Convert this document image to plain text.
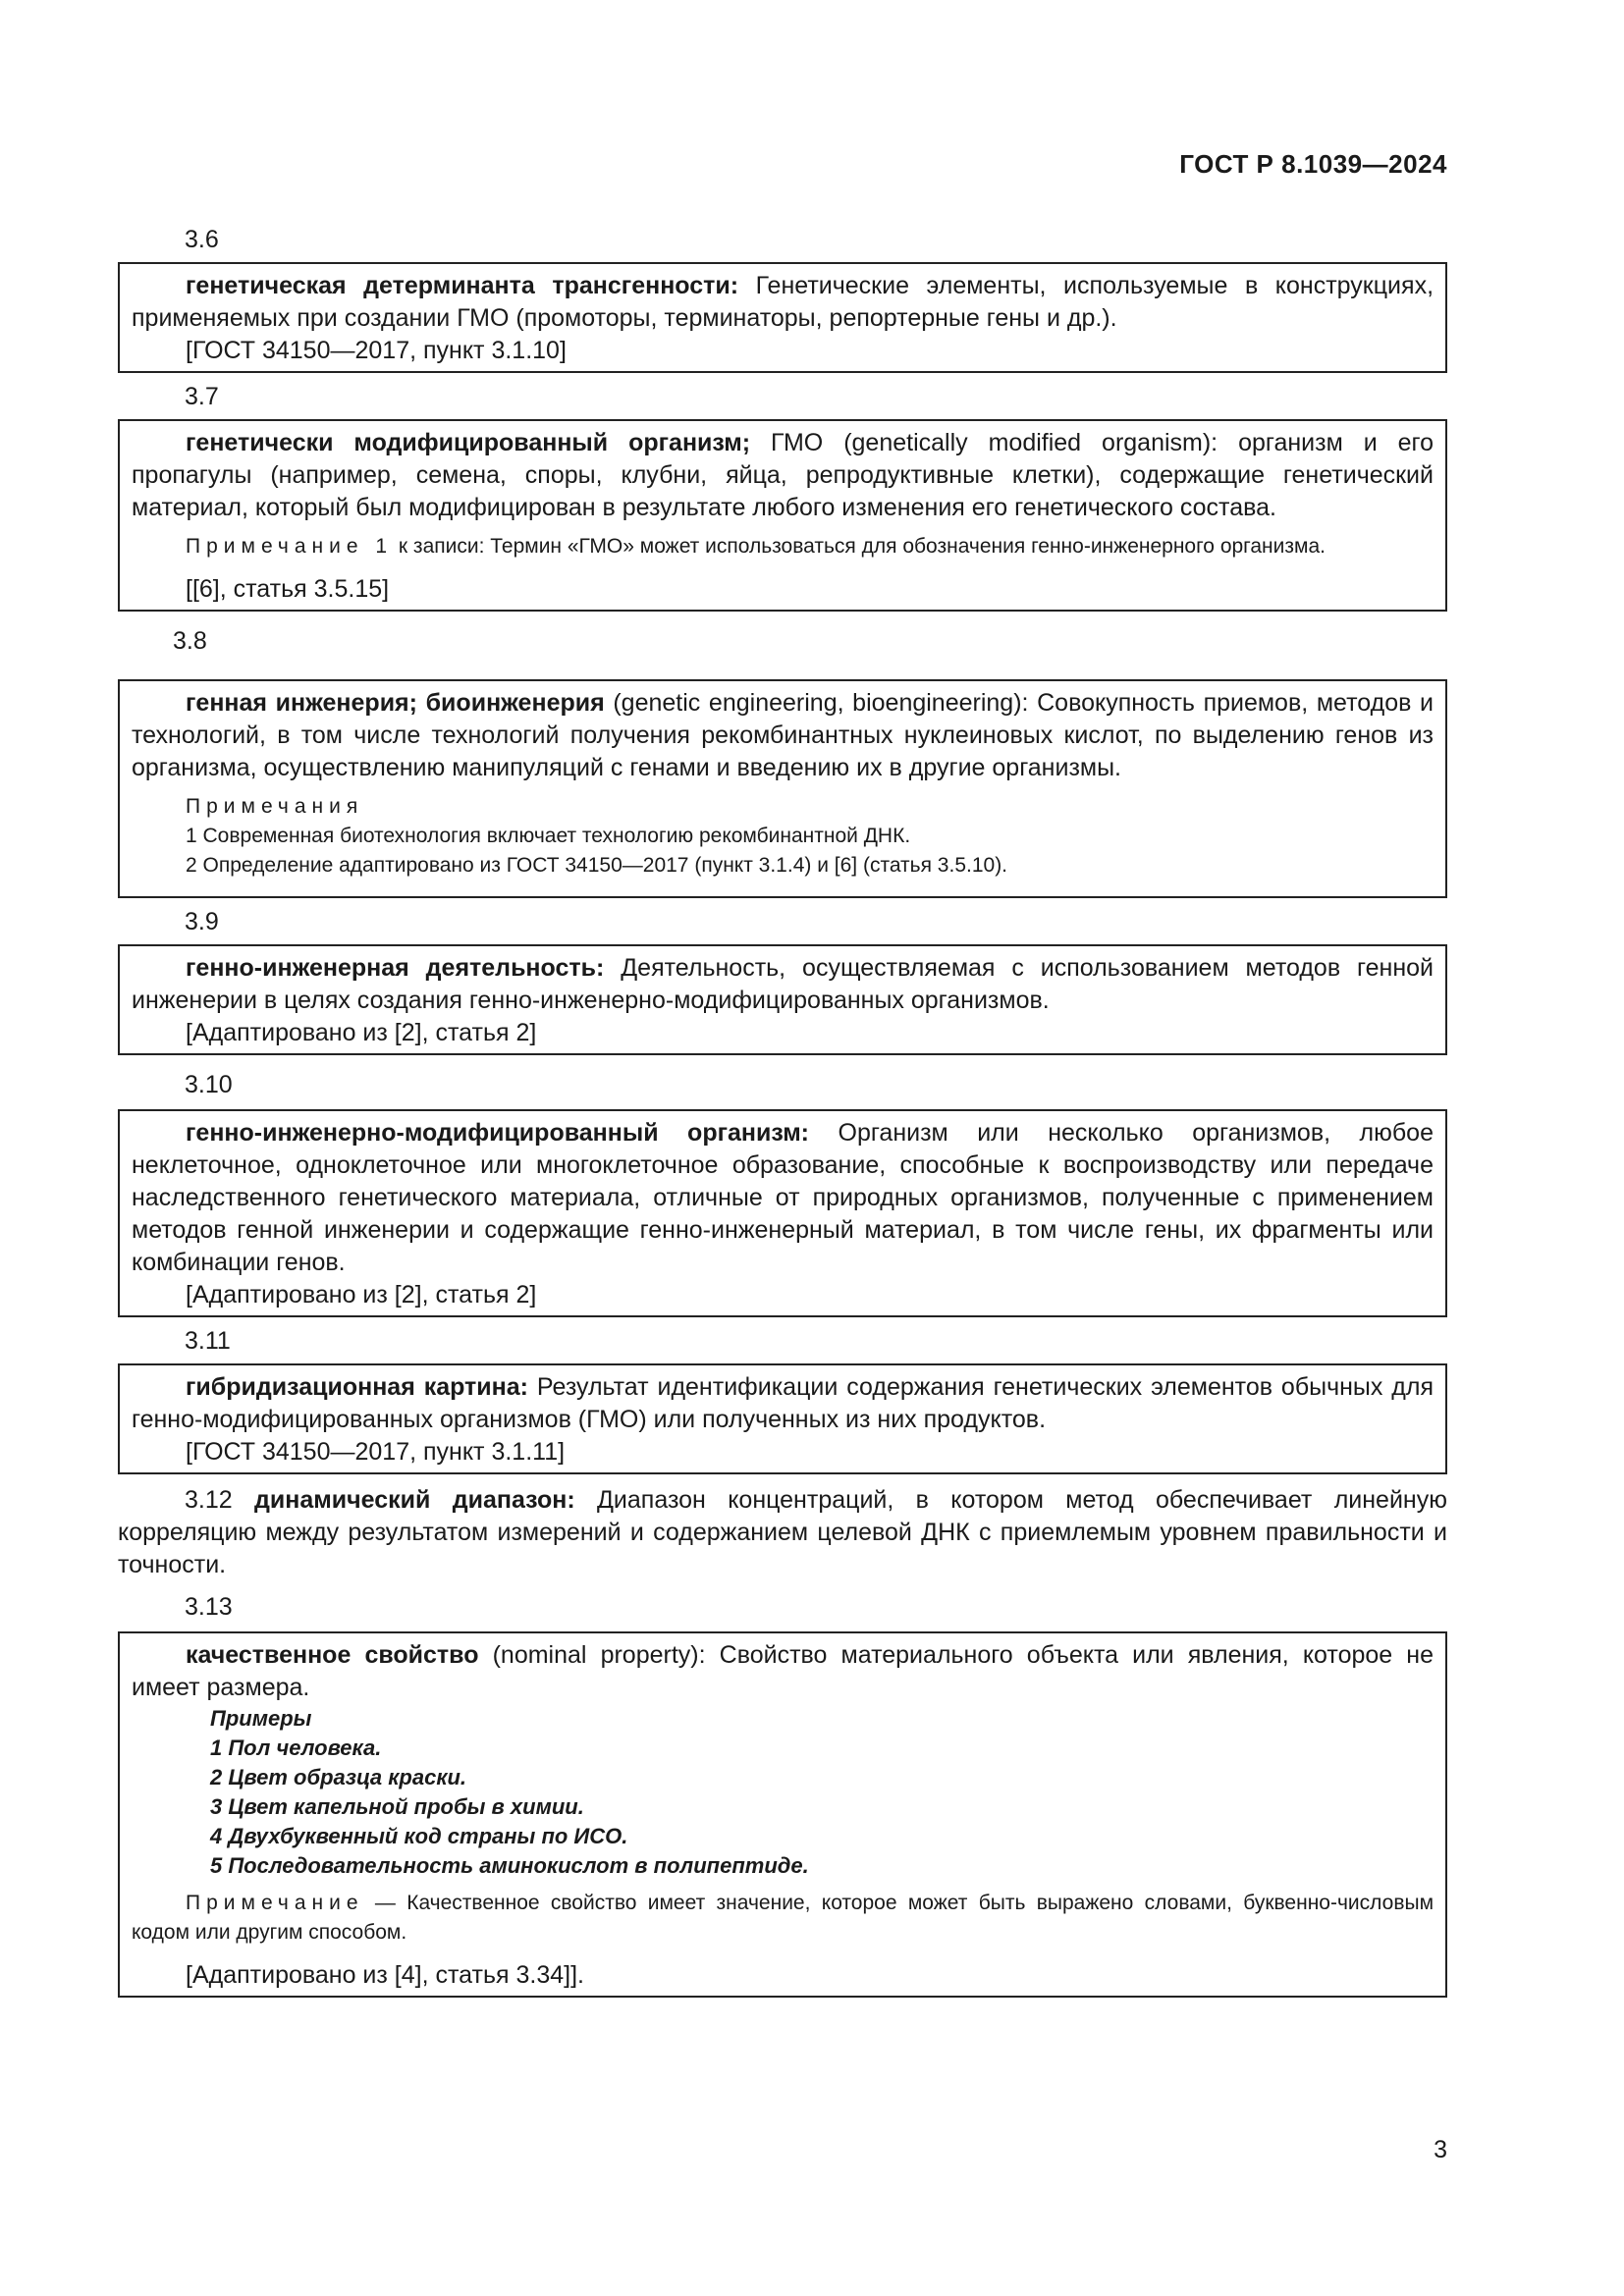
ГОСТ Р 8.1039—2024
3.6

генетическая детерминанта трансгенности: Генетические элементы, используемые в конструкциях, применяемых при создании ГМО (промоторы, терминаторы, репортерные гены и др.).

[ГОСТ 34150—2017, пункт 3.1.10]

3.7

генетически модифицированный организм; ГМО (genetically modified organism): организм и его пропагулы (например, семена, споры, клубни, яйца, репродуктивные клетки), содержащие генетический материал, который был модифицирован в результате любого изменения его генетического состава.

Примечание 1 к записи: Термин «ГМО» может использоваться для обозначения генно-инженерного организма.

[[6], статья 3.5.15]

3.8

генная инженерия; биоинженерия (genetic engineering, bioengineering): Совокупность приемов, методов и технологий, в том числе технологий получения рекомбинантных нуклеиновых кислот, по выделению генов из организма, осуществлению манипуляций с генами и введению их в другие организмы.

Примечания

1 Современная биотехнология включает технологию рекомбинантной ДНК.

2 Определение адаптировано из ГОСТ 34150—2017 (пункт 3.1.4) и [6] (статья 3.5.10).

3.9

генно-инженерная деятельность: Деятельность, осуществляемая с использованием методов генной инженерии в целях создания генно-инженерно-модифицированных организмов.

[Адаптировано из [2], статья 2]

3.10

генно-инженерно-модифицированный организм: Организм или несколько организмов, любое неклеточное, одноклеточное или многоклеточное образование, способные к воспроизводству или передаче наследственного генетического материала, отличные от природных организмов, полученные с применением методов генной инженерии и содержащие генно-инженерный материал, в том числе гены, их фрагменты или комбинации генов.

[Адаптировано из [2], статья 2]

3.11

гибридизационная картина: Результат идентификации содержания генетических элементов обычных для генно-модифицированных организмов (ГМО) или полученных из них продуктов.

[ГОСТ 34150—2017, пункт 3.1.11]

3.12 динамический диапазон: Диапазон концентраций, в котором метод обеспечивает линейную корреляцию между результатом измерений и содержанием целевой ДНК с приемлемым уровнем правильности и точности.

3.13

качественное свойство (nominal property): Свойство материального объекта или явления, которое не имеет размера.

Примеры

1 Пол человека.

2 Цвет образца краски.

3 Цвет капельной пробы в химии.

4 Двухбуквенный код страны по ИСО.

5 Последовательность аминокислот в полипептиде.

Примечание — Качественное свойство имеет значение, которое может быть выражено словами, буквенно-числовым кодом или другим способом.

[Адаптировано из [4], статья 3.34]].

3
